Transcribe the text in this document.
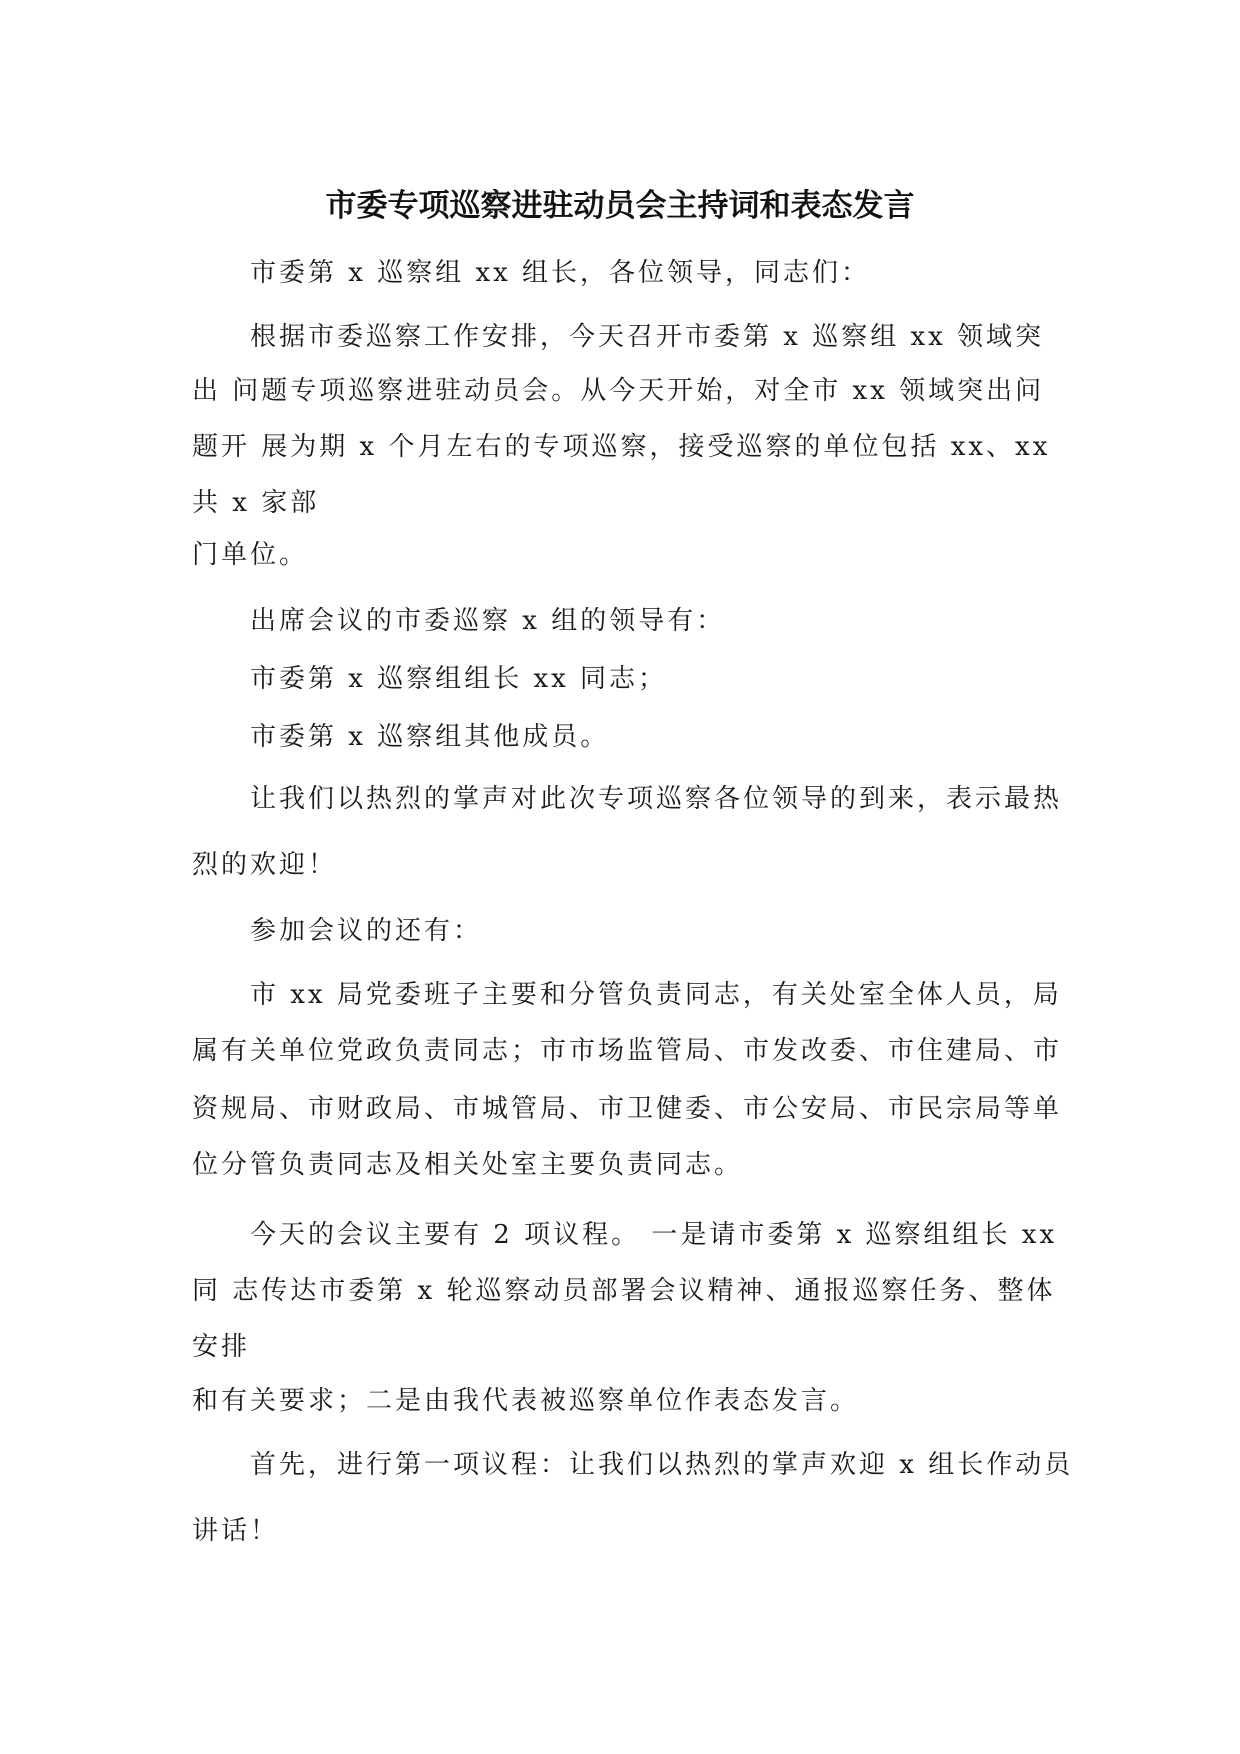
市委专项巡察进驻动员会主持词和表态发言
市委第 x 巡察组 xx 组长，各位领导，同志们：
根据市委巡察工作安排，今天召开市委第 x 巡察组 xx 领域突
出 问题专项巡察进驻动员会。从今天开始，对全市 xx 领域突出问
题开 展为期 x 个月左右的专项巡察，接受巡察的单位包括 xx、xx
共 x 家部
门单位。
出席会议的市委巡察 x 组的领导有：
市委第 x 巡察组组长 xx 同志；
市委第 x 巡察组其他成员。
让我们以热烈的掌声对此次专项巡察各位领导的到来，表示最热
烈的欢迎！
参加会议的还有：
市 xx 局党委班子主要和分管负责同志，有关处室全体人员，局
属有关单位党政负责同志；市市场监管局、市发改委、市住建局、市
资规局、市财政局、市城管局、市卫健委、市公安局、市民宗局等单
位分管负责同志及相关处室主要负责同志。
今天的会议主要有 2 项议程。 一是请市委第 x 巡察组组长 xx
同 志传达市委第 x 轮巡察动员部署会议精神、通报巡察任务、整体
安排
和有关要求；二是由我代表被巡察单位作表态发言。
首先，进行第一项议程：让我们以热烈的掌声欢迎 x 组长作动员
讲话！
